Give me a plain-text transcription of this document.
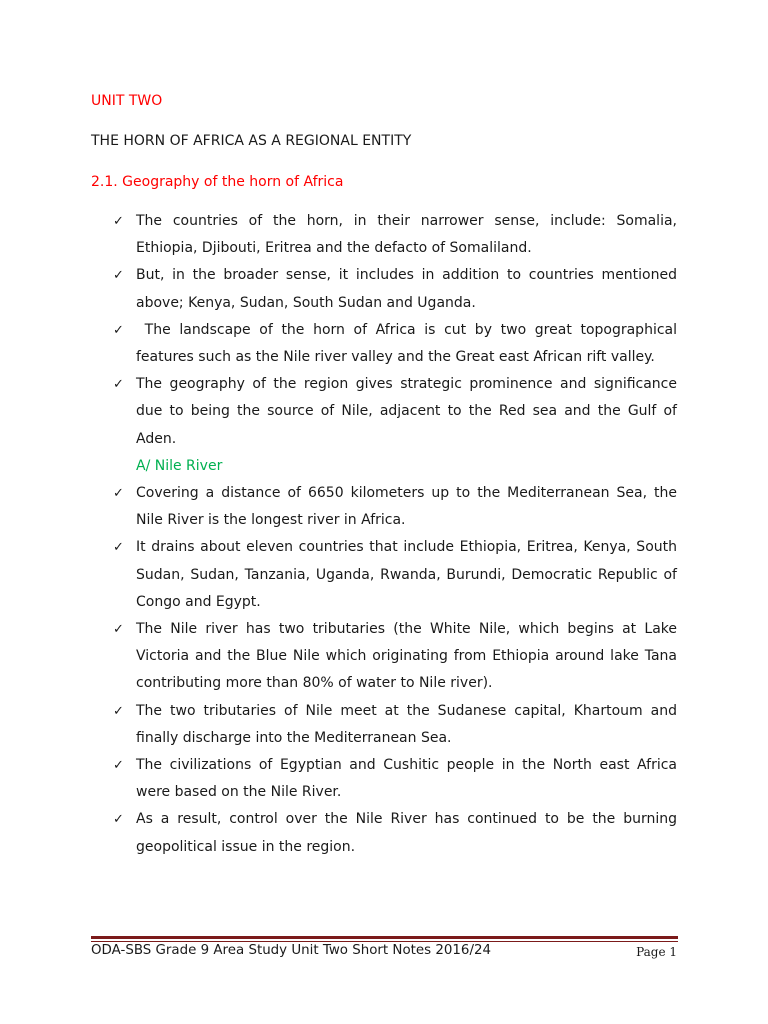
UNIT TWO
THE HORN OF AFRICA AS A REGIONAL ENTITY
2.1. Geography of the horn of Africa
✓ The countries of the horn, in their narrower sense, include: Somalia, Ethiopia, Djibouti, Eritrea and the defacto of Somaliland.
✓ But, in the broader sense, it includes in addition to countries mentioned above; Kenya, Sudan, South Sudan and Uganda.
✓ The landscape of the horn of Africa is cut by two great topographical features such as the Nile river valley and the Great east African rift valley.
✓ The geography of the region gives strategic prominence and significance due to being the source of Nile, adjacent to the Red sea and the Gulf of Aden.
A/ Nile River
✓ Covering a distance of 6650 kilometers up to the Mediterranean Sea, the Nile River is the longest river in Africa.
✓ It drains about eleven countries that include Ethiopia, Eritrea, Kenya, South Sudan, Sudan, Tanzania, Uganda, Rwanda, Burundi, Democratic Republic of Congo and Egypt.
✓ The Nile river has two tributaries (the White Nile, which begins at Lake Victoria and the Blue Nile which originating from Ethiopia around lake Tana contributing more than 80% of water to Nile river).
✓ The two tributaries of Nile meet at the Sudanese capital, Khartoum and finally discharge into the Mediterranean Sea.
✓ The civilizations of Egyptian and Cushitic people in the North east Africa were based on the Nile River.
✓ As a result, control over the Nile River has continued to be the burning geopolitical issue in the region.
ODA-SBS Grade 9 Area Study Unit Two Short Notes 2016/24	Page 1
